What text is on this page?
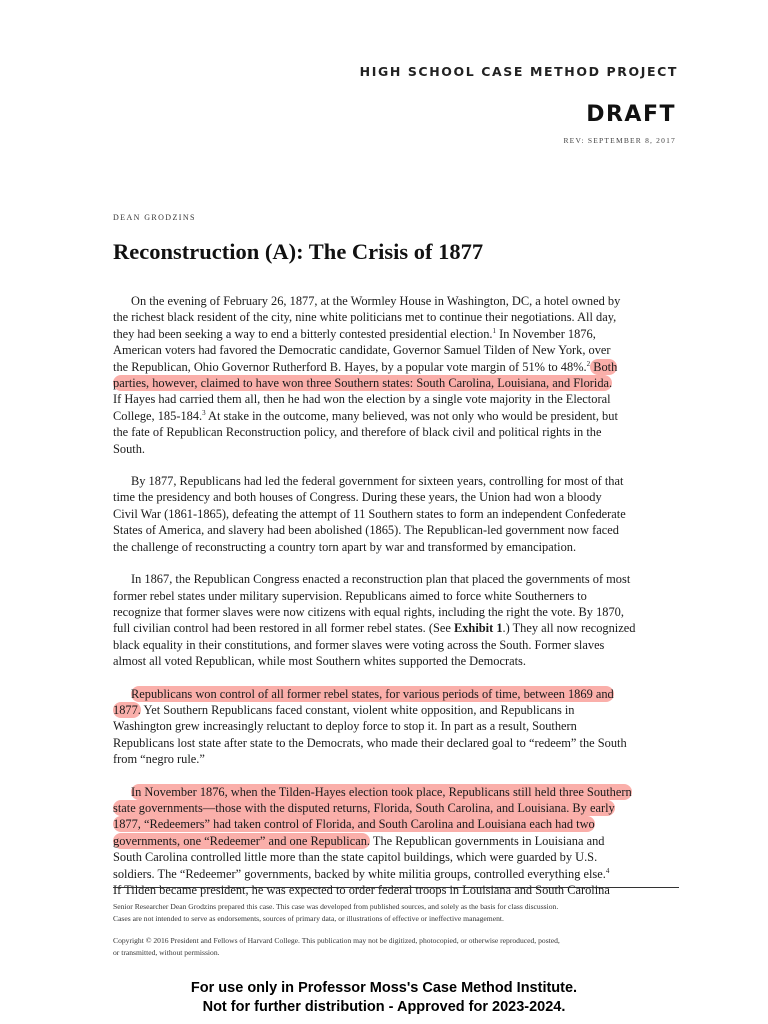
HIGH SCHOOL CASE METHOD PROJECT
DRAFT
REV: SEPTEMBER 8, 2017
DEAN GRODZINS
Reconstruction (A): The Crisis of 1877

On the evening of February 26, 1877, at the Wormley House in Washington, DC, a hotel owned by
the richest black resident of the city, nine white politicians met to continue their negotiations. All day,
they had been seeking a way to end a bitterly contested presidential election.$^1$ In November 1876,
American voters had favored the Democratic candidate, Governor Samuel Tilden of New York, over
the Republican, Ohio Governor Rutherford B. Hayes, by a popular vote margin of 51% to 48%.$^2$ Both
parties, however, claimed to have won three Southern states: South Carolina, Louisiana, and Florida.
If Hayes had carried them all, then he had won the election by a single vote majority in the Electoral
College, 185-184.$^3$ At stake in the outcome, many believed, was not only who would be president, but
the fate of Republican Reconstruction policy, and therefore of black civil and political rights in the
South.

By 1877, Republicans had led the federal government for sixteen years, controlling for most of that
time the presidency and both houses of Congress. During these years, the Union had won a bloody
Civil War (1861-1865), defeating the attempt of 11 Southern states to form an independent Confederate
States of America, and slavery had been abolished (1865). The Republican-led government now faced
the challenge of reconstructing a country torn apart by war and transformed by emancipation.

In 1867, the Republican Congress enacted a reconstruction plan that placed the governments of most
former rebel states under military supervision. Republicans aimed to force white Southerners to
recognize that former slaves were now citizens with equal rights, including the right the vote. By 1870,
full civilian control had been restored in all former rebel states. (See Exhibit 1.) They all now recognized
black equality in their constitutions, and former slaves were voting across the South. Former slaves
almost all voted Republican, while most Southern whites supported the Democrats.

Republicans won control of all former rebel states, for various periods of time, between 1869 and
1877. Yet Southern Republicans faced constant, violent white opposition, and Republicans in
Washington grew increasingly reluctant to deploy force to stop it. In part as a result, Southern
Republicans lost state after state to the Democrats, who made their declared goal to “redeem” the South
from “negro rule.”

In November 1876, when the Tilden-Hayes election took place, Republicans still held three Southern
state governments—those with the disputed returns, Florida, South Carolina, and Louisiana. By early
1877, “Redeemers” had taken control of Florida, and South Carolina and Louisiana each had two
governments, one “Redeemer” and one Republican. The Republican governments in Louisiana and
South Carolina controlled little more than the state capitol buildings, which were guarded by U.S.
soldiers. The “Redeemer” governments, backed by white militia groups, controlled everything else.$^4$
If Tilden became president, he was expected to order federal troops in Louisiana and South Carolina

Senior Researcher Dean Grodzins prepared this case. This case was developed from published sources, and solely as the basis for class discussion.
Cases are not intended to serve as endorsements, sources of primary data, or illustrations of effective or ineffective management.
Copyright © 2016 President and Fellows of Harvard College. This publication may not be digitized, photocopied, or otherwise reproduced, posted,
or transmitted, without permission.
For use only in Professor Moss's Case Method Institute.
Not for further distribution - Approved for 2023-2024.
